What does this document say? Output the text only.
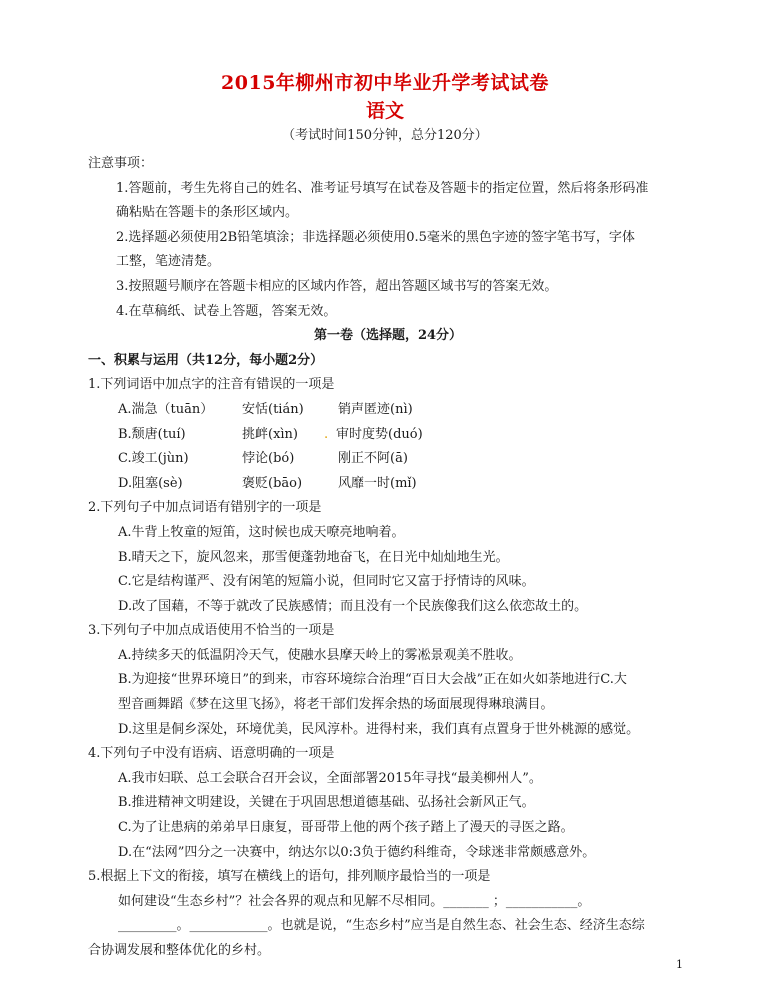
2015年柳州市初中毕业升学考试试卷
语文
（考试时间150分钟，总分120分）
注意事项：
1.答题前，考生先将自己的姓名、准考证号填写在试卷及答题卡的指定位置，然后将条形码准
确粘贴在答题卡的条形区域内。
2.选择题必须使用2B铅笔填涂；非选择题必须使用0.5毫米的黑色字迹的签字笔书写，字体
工整，笔迹清楚。
3.按照题号顺序在答题卡相应的区域内作答，超出答题区域书写的答案无效。
4.在草稿纸、试卷上答题，答案无效。
第一卷（选择题，24分）
一、积累与运用（共12分，每小题2分）
1.下列词语中加点字的注音有错误的一项是
A.湍急（tuān）	安恬(tián)	销声匿迹(nì)
B.颓唐(tuí)	挑衅(xìn)	. 审时度势(duó)
C.竣工(jùn)	悖论(bó)	刚正不阿(ā)
D.阻塞(sè)	褒贬(bāo)	风靡一时(mǐ)
2.下列句子中加点词语有错别字的一项是
A.牛背上牧童的短笛，这时候也成天嘹亮地响着。
B.晴天之下，旋风忽来，那雪便蓬勃地奋飞，在日光中灿灿地生光。
C.它是结构谨严、没有闲笔的短篇小说，但同时它又富于抒情诗的风味。
D.改了国藉，不等于就改了民族感情；而且没有一个民族像我们这么依恋故土的。
3.下列句子中加点成语使用不恰当的一项是
A.持续多天的低温阴冷天气，使融水县摩天岭上的雾凇景观美不胜收。
B.为迎接“世界环境日”的到来，市容环境综合治理“百日大会战”正在如火如荼地进行C.大
型音画舞蹈《梦在这里飞扬》，将老干部们发挥余热的场面展现得琳琅满目。
D.这里是侗乡深处，环境优美，民风淳朴。进得村来，我们真有点置身于世外桃源的感觉。
4.下列句子中没有语病、语意明确的一项是
A.我市妇联、总工会联合召开会议，全面部署2015年寻找“最美柳州人”。
B.推进精神文明建设，关键在于巩固思想道德基础、弘扬社会新风正气。
C.为了让患病的弟弟早日康复，哥哥带上他的两个孩子踏上了漫天的寻医之路。
D.在“法网”四分之一决赛中，纳达尔以0:3负于德约科维奇，令球迷非常颇感意外。
5.根据上下文的衔接，填写在横线上的语句，排列顺序最恰当的一项是
如何建设“生态乡村”？社会各界的观点和见解不尽相同。_______ ；___________。
_________。____________。也就是说，“生态乡村”应当是自然生态、社会生态、经济生态综
合协调发展和整体优化的乡村。
1
